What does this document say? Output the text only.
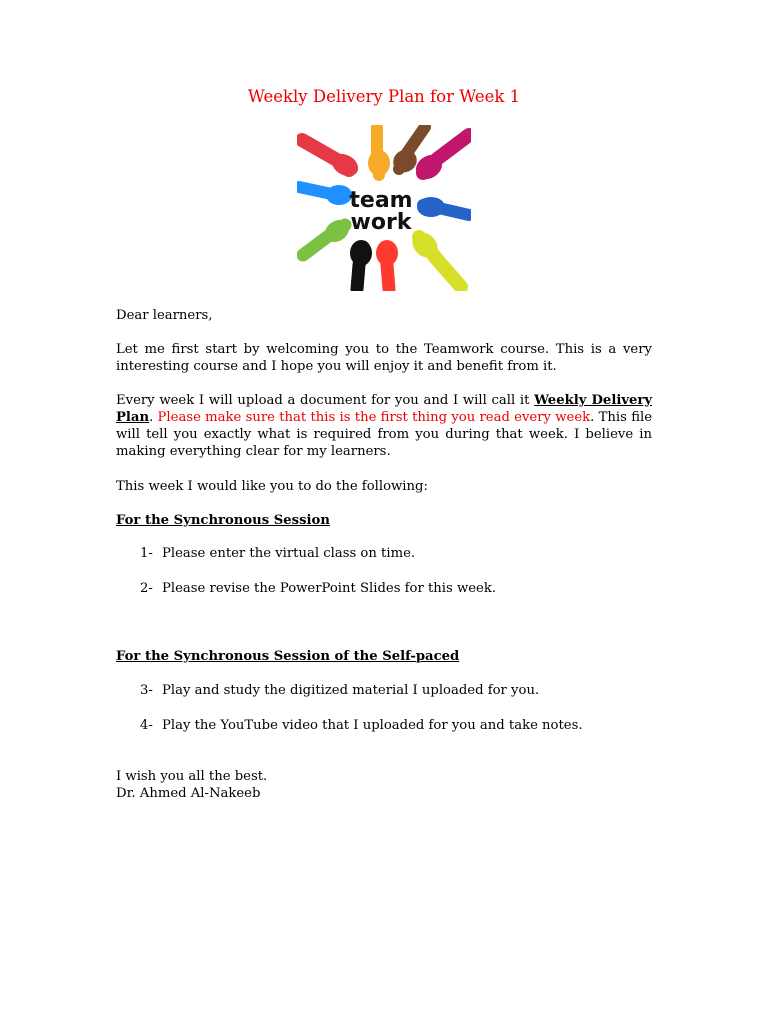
Weekly Delivery Plan for Week 1
team
work
Dear learners,
Let me first start by welcoming you to the Teamwork course. This is a very interesting course and I hope you will enjoy it and benefit from it.
Every week I will upload a document for you and I will call it Weekly Delivery Plan. Please make sure that this is the first thing you read every week. This file will tell you exactly what is required from you during that week. I believe in making everything clear for my learners.
This week I would like you to do the following:
For the Synchronous Session
1- Please enter the virtual class on time.
2- Please revise the PowerPoint Slides for this week.
For the Synchronous Session of the Self-paced
3- Play and study the digitized material I uploaded for you.
4- Play the YouTube video that I uploaded for you and take notes.
I wish you all the best.
Dr. Ahmed Al-Nakeeb
